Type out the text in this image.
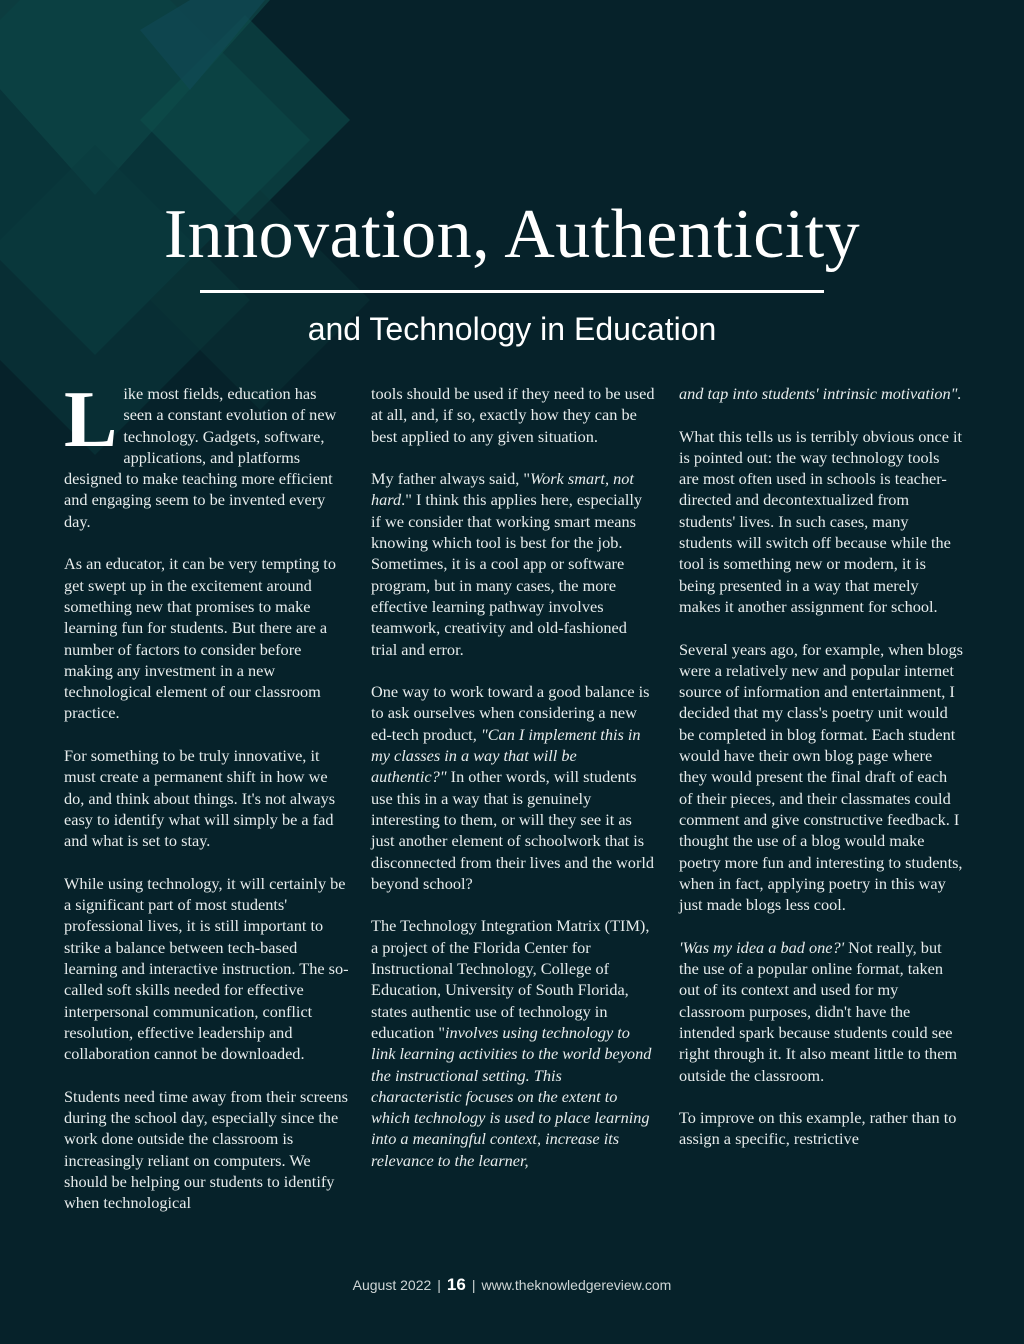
Innovation, Authenticity
and Technology in Education

Like most fields, education has seen a constant evolution of new technology. Gadgets, software, applications, and platforms designed to make teaching more efficient and engaging seem to be invented every day.

As an educator, it can be very tempting to get swept up in the excitement around something new that promises to make learning fun for students. But there are a number of factors to consider before making any investment in a new technological element of our classroom practice.

For something to be truly innovative, it must create a permanent shift in how we do, and think about things. It's not always easy to identify what will simply be a fad and what is set to stay.

While using technology, it will certainly be a significant part of most students' professional lives, it is still important to strike a balance between tech-based learning and interactive instruction. The so-called soft skills needed for effective interpersonal communication, conflict resolution, effective leadership and collaboration cannot be downloaded.

Students need time away from their screens during the school day, especially since the work done outside the classroom is increasingly reliant on computers. We should be helping our students to identify when technological

tools should be used if they need to be used at all, and, if so, exactly how they can be best applied to any given situation.

My father always said, "Work smart, not hard." I think this applies here, especially if we consider that working smart means knowing which tool is best for the job. Sometimes, it is a cool app or software program, but in many cases, the more effective learning pathway involves teamwork, creativity and old-fashioned trial and error.

One way to work toward a good balance is to ask ourselves when considering a new ed-tech product, "Can I implement this in my classes in a way that will be authentic?" In other words, will students use this in a way that is genuinely interesting to them, or will they see it as just another element of schoolwork that is disconnected from their lives and the world beyond school?

The Technology Integration Matrix (TIM), a project of the Florida Center for Instructional Technology, College of Education, University of South Florida, states authentic use of technology in education "involves using technology to link learning activities to the world beyond the instructional setting. This characteristic focuses on the extent to which technology is used to place learning into a meaningful context, increase its relevance to the learner,

and tap into students' intrinsic motivation".

What this tells us is terribly obvious once it is pointed out: the way technology tools are most often used in schools is teacher-directed and decontextualized from students' lives. In such cases, many students will switch off because while the tool is something new or modern, it is being presented in a way that merely makes it another assignment for school.

Several years ago, for example, when blogs were a relatively new and popular internet source of information and entertainment, I decided that my class's poetry unit would be completed in blog format. Each student would have their own blog page where they would present the final draft of each of their pieces, and their classmates could comment and give constructive feedback. I thought the use of a blog would make poetry more fun and interesting to students, when in fact, applying poetry in this way just made blogs less cool.

'Was my idea a bad one?' Not really, but the use of a popular online format, taken out of its context and used for my classroom purposes, didn't have the intended spark because students could see right through it. It also meant little to them outside the classroom.

To improve on this example, rather than to assign a specific, restrictive

August 2022 | 16 | www.theknowledgereview.com
